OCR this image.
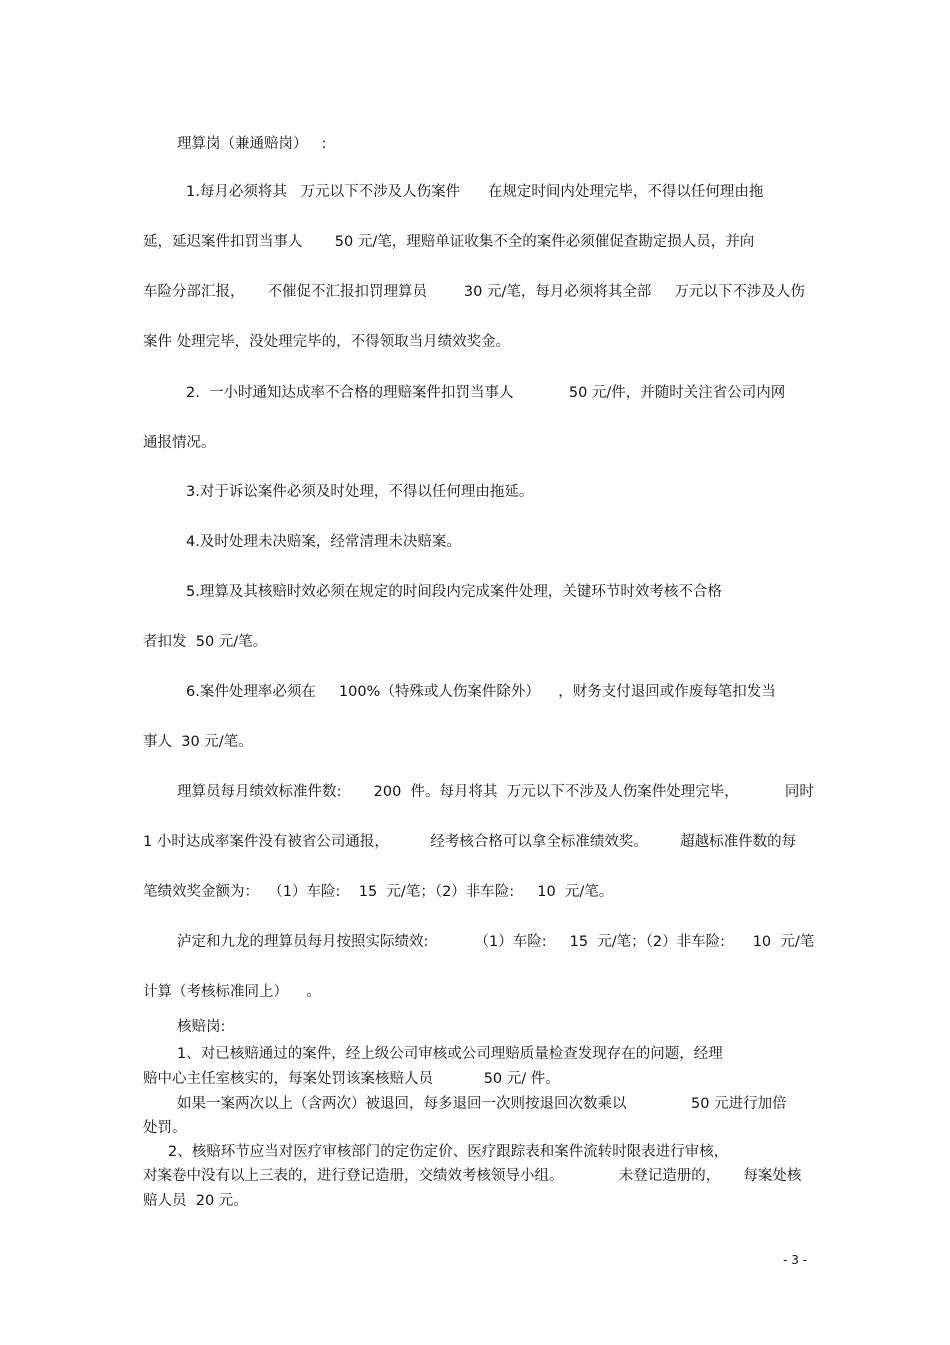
理算岗（兼通赔岗）   :
1.每月必须将其   万元以下不涉及人伤案件      在规定时间内处理完毕，不得以任何理由拖
延，延迟案件扣罚当事人       50 元/笔，理赔单证收集不全的案件必须催促查勘定损人员，并向
车险分部汇报，     不催促不汇报扣罚理算员        30 元/笔，每月必须将其全部     万元以下不涉及人伤
案件 处理完毕，没处理完毕的，不得领取当月绩效奖金。
2.  一小时通知达成率不合格的理赔案件扣罚当事人            50 元/件，并随时关注省公司内网
通报情况。
3.对于诉讼案件必须及时处理，不得以任何理由拖延。
4.及时处理未决赔案，经常清理未决赔案。
5.理算及其核赔时效必须在规定的时间段内完成案件处理，关键环节时效考核不合格
者扣发  50 元/笔。
6.案件处理率必须在     100%（特殊或人伤案件除外）    ，财务支付退回或作废每笔扣发当
事人  30 元/笔。
理算员每月绩效标准件数:       200  件。每月将其  万元以下不涉及人伤案件处理完毕，          同时
1 小时达成率案件没有被省公司通报，         经考核合格可以拿全标准绩效奖。       超越标准件数的每
笔绩效奖金额为：  （1）车险:    15  元/笔；（2）非车险:     10  元/笔。
泸定和九龙的理算员每月按照实际绩效:          （1）车险:     15  元/笔；（2）非车险:      10  元/笔
计算（考核标准同上）    。
核赔岗:
1、对已核赔通过的案件，经上级公司审核或公司理赔质量检查发现存在的问题，经理
赔中心主任室核实的，每案处罚该案核赔人员           50 元/ 件。
如果一案两次以上（含两次）被退回，每多退回一次则按退回次数乘以              50 元进行加倍
处罚。
2、核赔环节应当对医疗审核部门的定伤定价、医疗跟踪表和案件流转时限表进行审核，
对案卷中没有以上三表的，进行登记造册，交绩效考核领导小组。            未登记造册的，     每案处核
赔人员  20 元。
- 3 -
